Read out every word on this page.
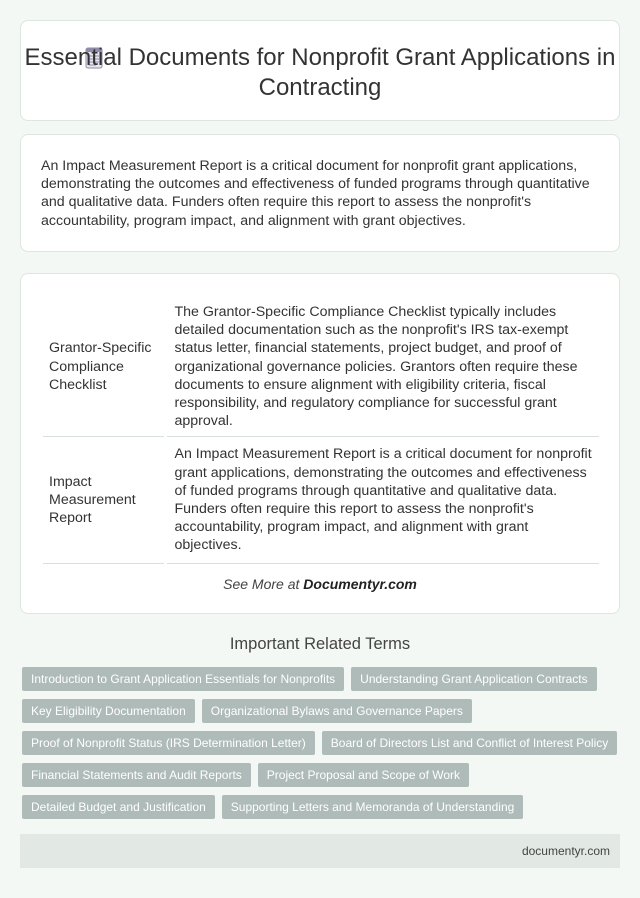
Essential Documents for Nonprofit Grant Applications in Contracting

An Impact Measurement Report is a critical document for nonprofit grant applications, demonstrating the outcomes and effectiveness of funded programs through quantitative and qualitative data. Funders often require this report to assess the nonprofit's accountability, program impact, and alignment with grant objectives.

Grantor-Specific Compliance Checklist	The Grantor-Specific Compliance Checklist typically includes detailed documentation such as the nonprofit's IRS tax-exempt status letter, financial statements, project budget, and proof of organizational governance policies. Grantors often require these documents to ensure alignment with eligibility criteria, fiscal responsibility, and regulatory compliance for successful grant approval.
Impact Measurement Report	An Impact Measurement Report is a critical document for nonprofit grant applications, demonstrating the outcomes and effectiveness of funded programs through quantitative and qualitative data. Funders often require this report to assess the nonprofit's accountability, program impact, and alignment with grant objectives.
See More at Documentyr.com
Important Related Terms
Introduction to Grant Application Essentials for Nonprofits	Understanding Grant Application Contracts
Key Eligibility Documentation	Organizational Bylaws and Governance Papers
Proof of Nonprofit Status (IRS Determination Letter)	Board of Directors List and Conflict of Interest Policy
Financial Statements and Audit Reports	Project Proposal and Scope of Work
Detailed Budget and Justification	Supporting Letters and Memoranda of Understanding
documentyr.com
